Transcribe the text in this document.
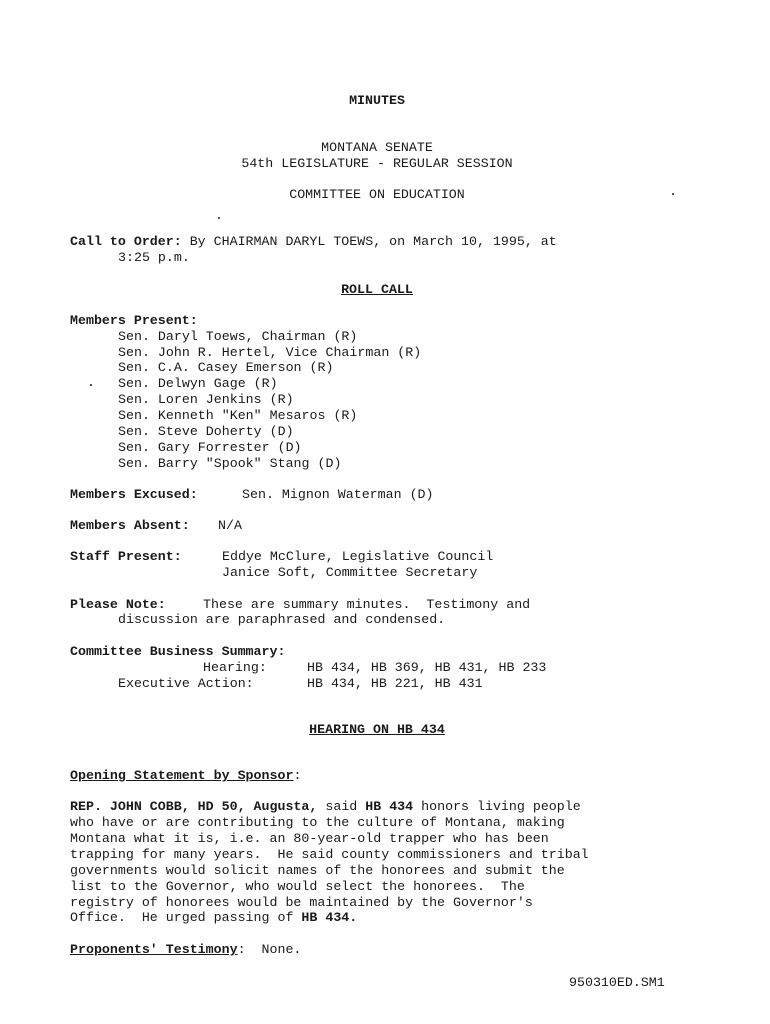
MINUTES
MONTANA SENATE
54th LEGISLATURE - REGULAR SESSION
COMMITTEE ON EDUCATION
Call to Order: By CHAIRMAN DARYL TOEWS, on March 10, 1995, at
3:25 p.m.
ROLL CALL
Members Present:
Sen. Daryl Toews, Chairman (R)
Sen. John R. Hertel, Vice Chairman (R)
Sen. C.A. Casey Emerson (R)
Sen. Delwyn Gage (R)
Sen. Loren Jenkins (R)
Sen. Kenneth "Ken" Mesaros (R)
Sen. Steve Doherty (D)
Sen. Gary Forrester (D)
Sen. Barry "Spook" Stang (D)
Members Excused:	Sen. Mignon Waterman (D)
Members Absent: N/A
Staff Present:	Eddye McClure, Legislative Council
Janice Soft, Committee Secretary
Please Note:	These are summary minutes.  Testimony and
discussion are paraphrased and condensed.
Committee Business Summary:
Hearing:	HB 434, HB 369, HB 431, HB 233
Executive Action:	HB 434, HB 221, HB 431
HEARING ON HB 434
Opening Statement by Sponsor:
REP. JOHN COBB, HD 50, Augusta, said HB 434 honors living people
who have or are contributing to the culture of Montana, making
Montana what it is, i.e. an 80-year-old trapper who has been
trapping for many years.  He said county commissioners and tribal
governments would solicit names of the honorees and submit the
list to the Governor, who would select the honorees.  The
registry of honorees would be maintained by the Governor's
Office.  He urged passing of HB 434.
Proponents' Testimony:  None.
950310ED.SM1
